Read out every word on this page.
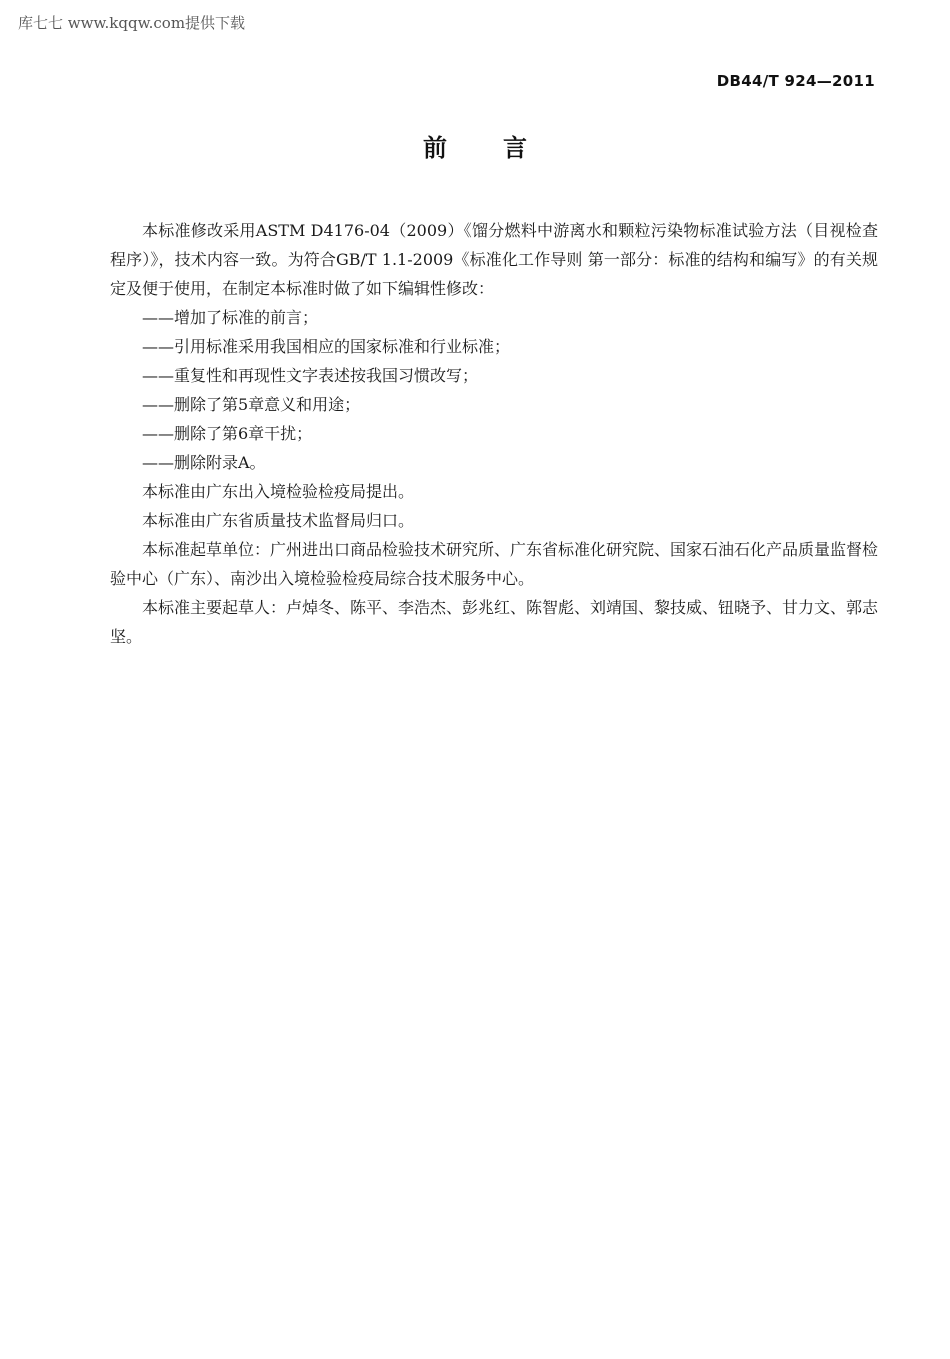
库七七 www.kqqw.com提供下载
DB44/T 924—2011
前言

本标准修改采用ASTM D4176-04（2009）《馏分燃料中游离水和颗粒污染物标准试验方法（目视检查程序）》，技术内容一致。为符合GB/T 1.1-2009《标准化工作导则 第一部分：标准的结构和编写》的有关规定及便于使用，在制定本标准时做了如下编辑性修改：

——增加了标准的前言；

——引用标准采用我国相应的国家标准和行业标准；

——重复性和再现性文字表述按我国习惯改写；

——删除了第5章意义和用途；

——删除了第6章干扰；

——删除附录A。

本标准由广东出入境检验检疫局提出。

本标准由广东省质量技术监督局归口。

本标准起草单位：广州进出口商品检验技术研究所、广东省标准化研究院、国家石油石化产品质量监督检验中心（广东）、南沙出入境检验检疫局综合技术服务中心。

本标准主要起草人：卢焯冬、陈平、李浩杰、彭兆红、陈智彪、刘靖国、黎技威、钮晓予、甘力文、郭志坚。
